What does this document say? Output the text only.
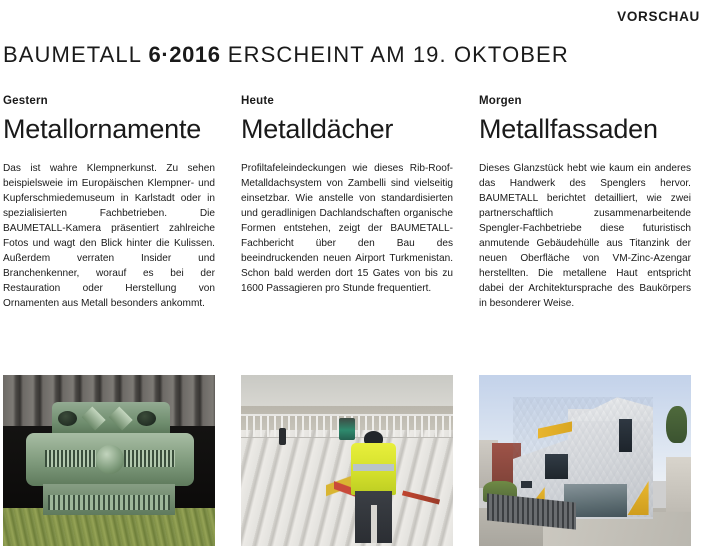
VORSCHAU
BAUMETALL 6·2016 ERSCHEINT AM 19. OKTOBER
Gestern
Metallornamente
Das ist wahre Klempnerkunst. Zu sehen beispielsweie im Europäischen Klempner- und Kupferschmiedemuseum in Karlstadt oder in spezialisierten Fachbetrieben. Die BAUMETALL-Kamera präsentiert zahlreiche Fotos und wagt den Blick hinter die Kulissen. Außerdem verraten Insider und Branchenkenner, worauf es bei der Restauration oder Herstellung von Ornamenten aus Metall besonders ankommt.
Heute
Metalldächer
Profiltafeleindeckungen wie dieses Rib-Roof-Metalldachsystem von Zambelli sind vielseitig einsetzbar. Wie anstelle von standardisierten und geradlinigen Dachlandschaften organische Formen entstehen, zeigt der BAUMETALL-Fachbericht über den Bau des beeindruckenden neuen Airport Turkmenistan. Schon bald werden dort 15 Gates von bis zu 1600 Passagieren pro Stunde frequentiert.
Morgen
Metallfassaden
Dieses Glanzstück hebt wie kaum ein anderes das Handwerk des Spenglers hervor. BAUMETALL berichtet detailliert, wie zwei partnerschaftlich zusammenarbeitende Spengler-Fachbetriebe diese futuristisch anmutende Gebäudehülle aus Titanzink der neuen Oberfläche von VM-Zinc-Azengar herstellten. Die metallene Haut entspricht dabei der Architektursprache des Baukörpers in besonderer Weise.
